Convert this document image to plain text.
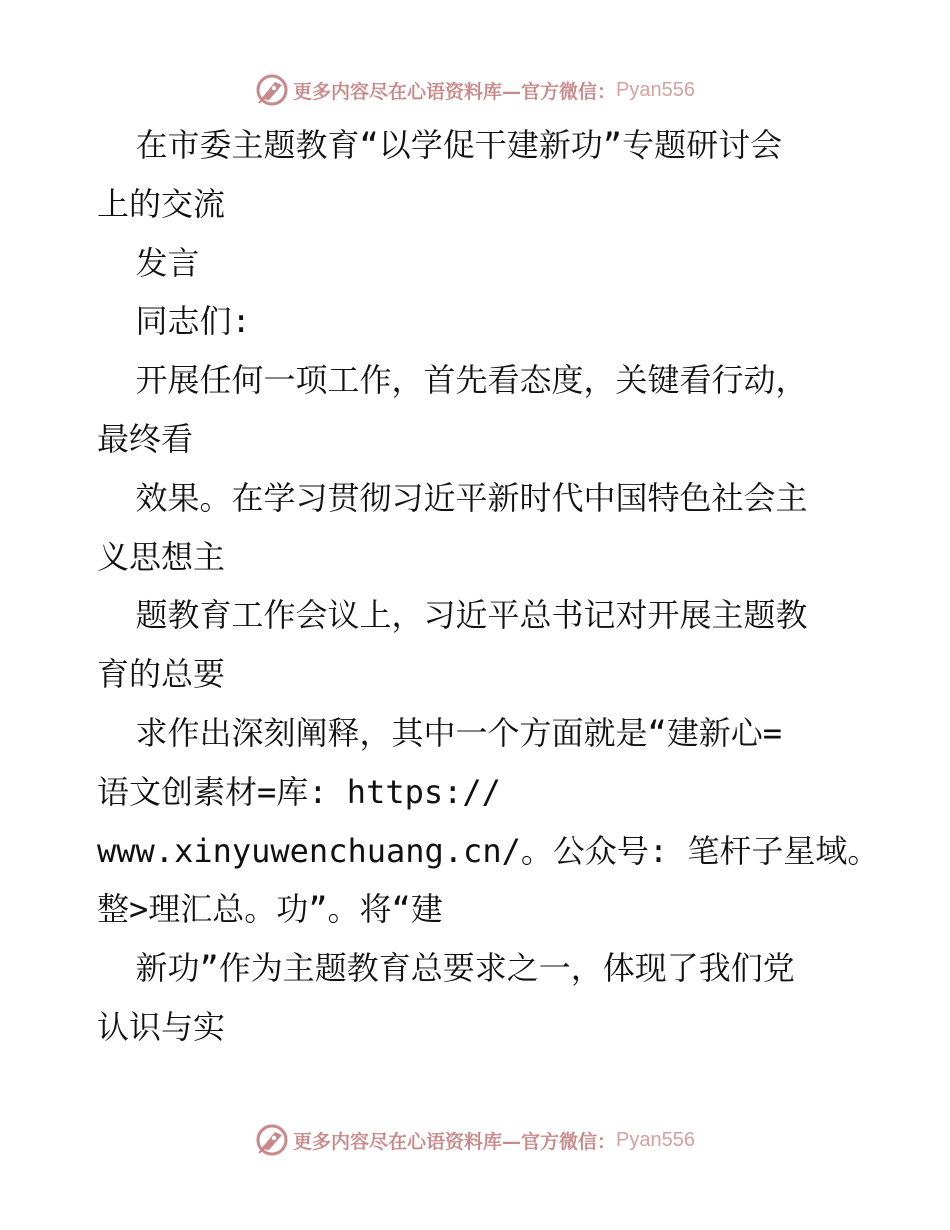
更多内容尽在心语资料库—官方微信： Pyan556
在市委主题教育“以学促干建新功”专题研讨会
上的交流
发言
同志们:
开展任何一项工作，首先看态度，关键看行动，
最终看
效果。在学习贯彻习近平新时代中国特色社会主
义思想主
题教育工作会议上，习近平总书记对开展主题教
育的总要
求作出深刻阐释，其中一个方面就是“建新心=
语文创素材=库: https://
www.xinyuwenchuang.cn/。公众号: 笔杆子星域。
整>理汇总。功”。将“建
新功”作为主题教育总要求之一，体现了我们党
认识与实
更多内容尽在心语资料库—官方微信： Pyan556
